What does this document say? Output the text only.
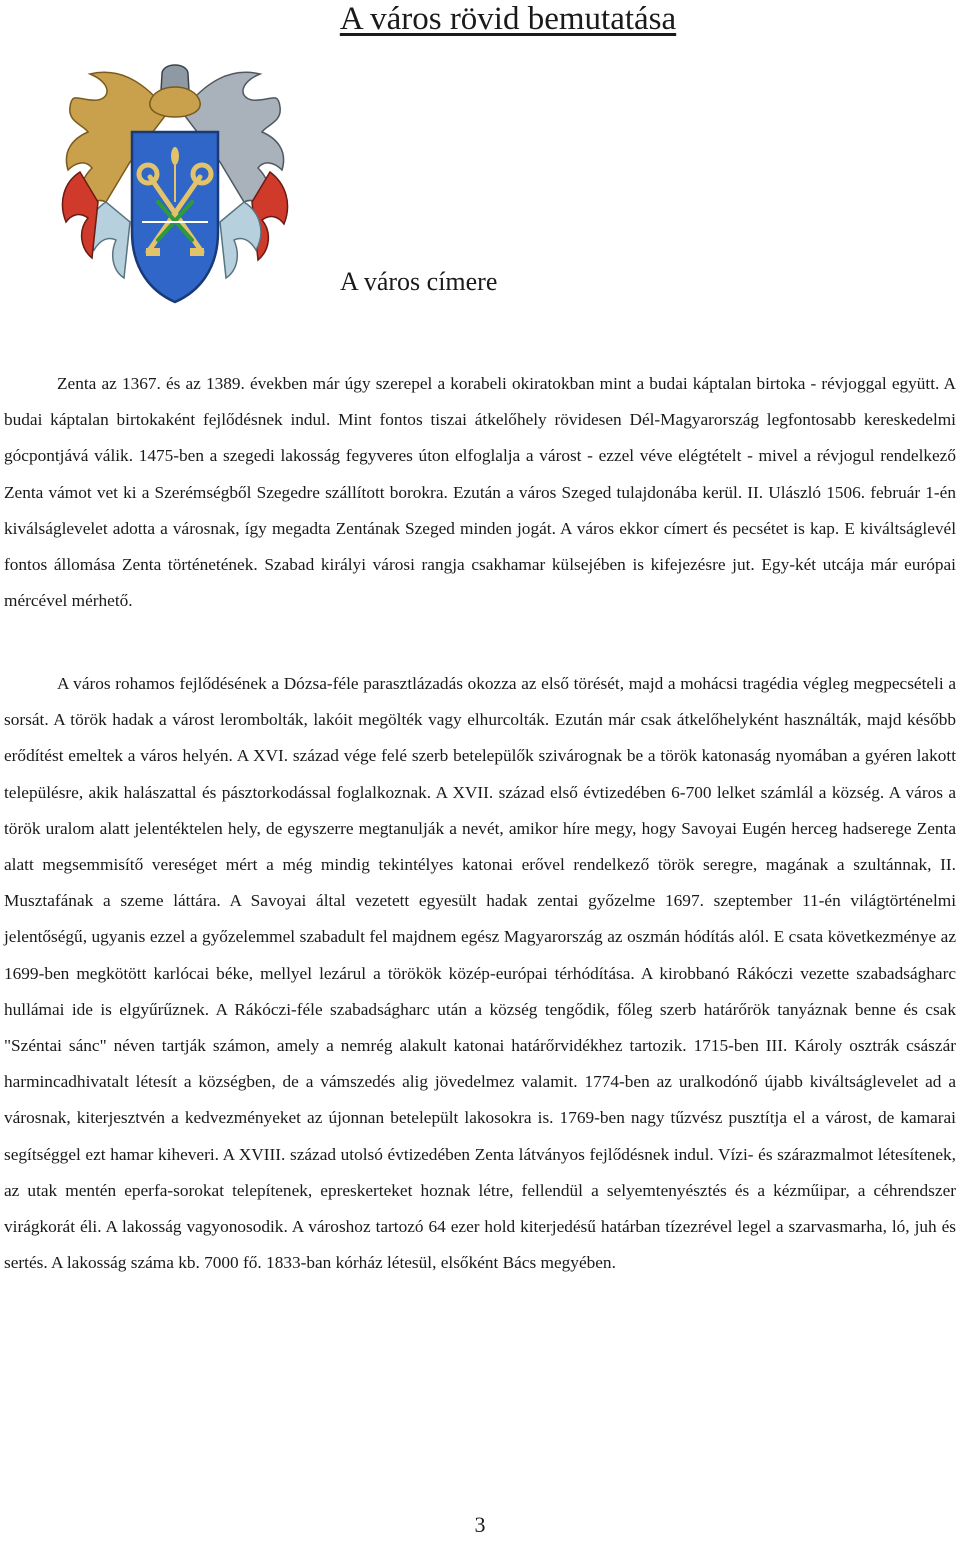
A város rövid bemutatása
A város címere

Zenta az 1367. és az 1389. években már úgy szerepel a korabeli okiratokban mint a budai káptalan birtoka - révjoggal együtt. A budai káptalan birtokaként fejlődésnek indul. Mint fontos tiszai átkelőhely rövidesen Dél-Magyarország legfontosabb kereskedelmi gócpontjává válik. 1475-ben a szegedi lakosság fegyveres úton elfoglalja a várost - ezzel véve elégtételt - mivel a révjogul rendelkező Zenta vámot vet ki a Szerémségből Szegedre szállított borokra. Ezután a város Szeged tulajdonába kerül. II. Ulászló 1506. február 1-én kiválságlevelet adotta a városnak, így megadta Zentának Szeged minden jogát. A város ekkor címert és pecsétet is kap. E kiváltságlevél fontos állomása Zenta történetének. Szabad királyi városi rangja csakhamar külsejében is kifejezésre jut. Egy-két utcája már európai mércével mérhető.

A város rohamos fejlődésének a Dózsa-féle parasztlázadás okozza az első törését, majd a mohácsi tragédia végleg megpecsételi a sorsát. A török hadak a várost lerombolták, lakóit megölték vagy elhurcolták. Ezután már csak átkelőhelyként használták, majd később erődítést emeltek a város helyén. A XVI. század vége felé szerb betelepülők szivárognak be a török katonaság nyomában a gyéren lakott településre, akik halászattal és pásztorkodással foglalkoznak. A XVII. század első évtizedében 6-700 lelket számlál a község. A város a török uralom alatt jelentéktelen hely, de egyszerre megtanulják a nevét, amikor híre megy, hogy Savoyai Eugén herceg hadserege Zenta alatt megsemmisítő vereséget mért a még mindig tekintélyes katonai erővel rendelkező török seregre, magának a szultánnak, II. Musztafának a szeme láttára. A Savoyai által vezetett egyesült hadak zentai győzelme 1697. szeptember 11-én világtörténelmi jelentőségű, ugyanis ezzel a győzelemmel szabadult fel majdnem egész Magyarország az oszmán hódítás alól. E csata következménye az 1699-ben megkötött karlócai béke, mellyel lezárul a törökök közép-európai térhódítása. A kirobbanó Rákóczi vezette szabadságharc hullámai ide is elgyűrűznek. A Rákóczi-féle szabadságharc után a község tengődik, főleg szerb határőrök tanyáznak benne és csak "Széntai sánc" néven tartják számon, amely a nemrég alakult katonai határőrvidékhez tartozik. 1715-ben III. Károly osztrák császár harmincadhivatalt létesít a községben, de a vámszedés alig jövedelmez valamit. 1774-ben az uralkodónő újabb kiváltságlevelet ad a városnak, kiterjesztvén a kedvezményeket az újonnan betelepült lakosokra is. 1769-ben nagy tűzvész pusztítja el a várost, de kamarai segítséggel ezt hamar kiheveri. A XVIII. század utolsó évtizedében Zenta látványos fejlődésnek indul. Vízi- és szárazmalmot létesítenek, az utak mentén eperfa-sorokat telepítenek, epreskerteket hoznak létre, fellendül a selyemtenyésztés és a kézműipar, a céhrendszer virágkorát éli. A lakosság vagyonosodik. A városhoz tartozó 64 ezer hold kiterjedésű határban tízezrével legel a szarvasmarha, ló, juh és sertés. A lakosság száma kb. 7000 fő. 1833-ban kórház létesül, elsőként Bács megyében.

3
